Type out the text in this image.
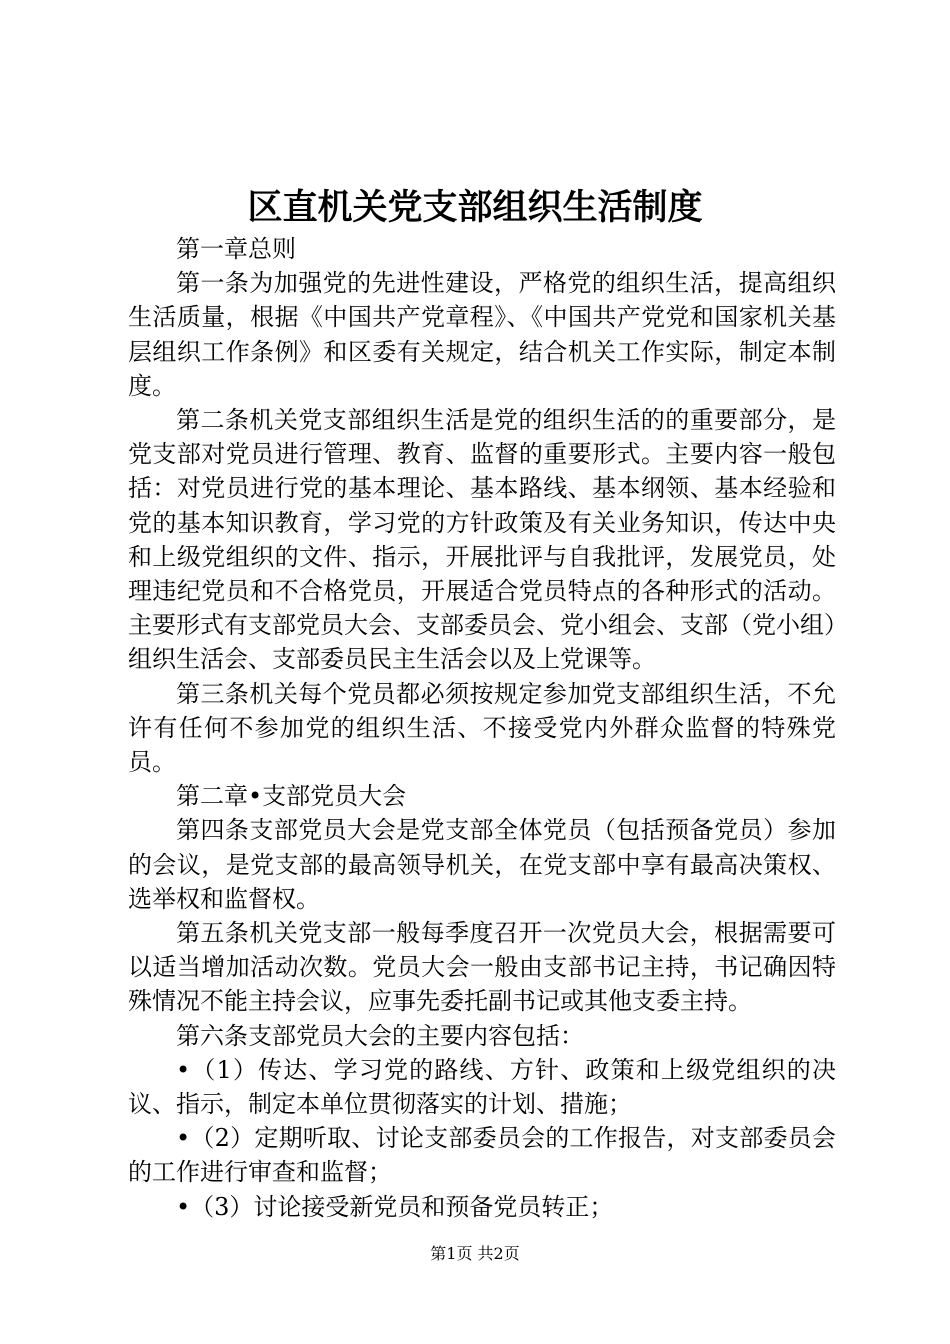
区直机关党支部组织生活制度

第一章总则

第一条为加强党的先进性建设，严格党的组织生活，提高组织生活质量，根据《中国共产党章程》、《中国共产党党和国家机关基层组织工作条例》和区委有关规定，结合机关工作实际，制定本制度。

第二条机关党支部组织生活是党的组织生活的的重要部分，是党支部对党员进行管理、教育、监督的重要形式。主要内容一般包括：对党员进行党的基本理论、基本路线、基本纲领、基本经验和党的基本知识教育，学习党的方针政策及有关业务知识，传达中央和上级党组织的文件、指示，开展批评与自我批评，发展党员，处理违纪党员和不合格党员，开展适合党员特点的各种形式的活动。主要形式有支部党员大会、支部委员会、党小组会、支部（党小组）组织生活会、支部委员民主生活会以及上党课等。

第三条机关每个党员都必须按规定参加党支部组织生活，不允许有任何不参加党的组织生活、不接受党内外群众监督的特殊党员。

第二章•支部党员大会

第四条支部党员大会是党支部全体党员（包括预备党员）参加的会议，是党支部的最高领导机关，在党支部中享有最高决策权、选举权和监督权。

第五条机关党支部一般每季度召开一次党员大会，根据需要可以适当增加活动次数。党员大会一般由支部书记主持，书记确因特殊情况不能主持会议，应事先委托副书记或其他支委主持。

第六条支部党员大会的主要内容包括：

•（1）传达、学习党的路线、方针、政策和上级党组织的决议、指示，制定本单位贯彻落实的计划、措施；

•（2）定期听取、讨论支部委员会的工作报告，对支部委员会的工作进行审查和监督；

•（3）讨论接受新党员和预备党员转正；

第1页 共2页
